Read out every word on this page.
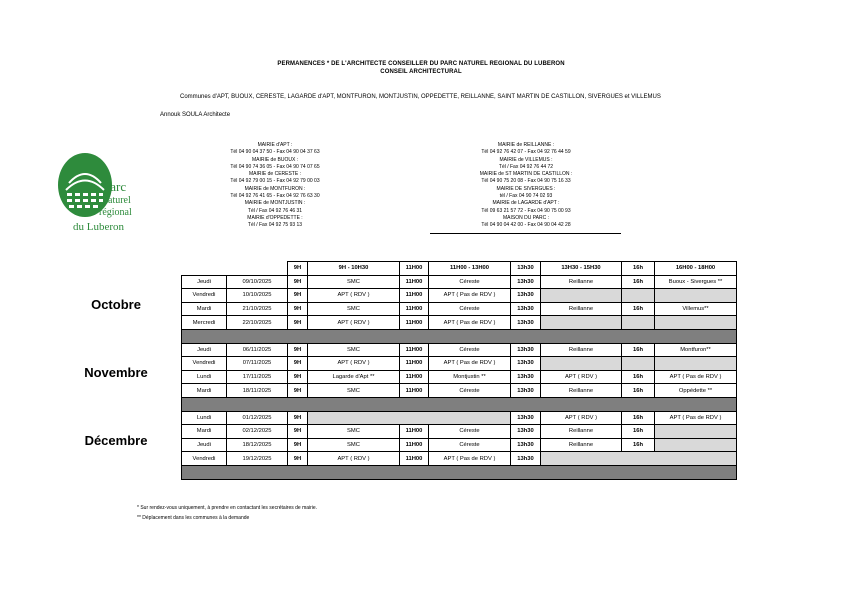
PERMANENCES * DE L'ARCHITECTE CONSEILLER DU PARC NATUREL REGIONAL DU LUBERON
CONSEIL ARCHITECTURAL
Communes d'APT, BUOUX, CERESTE, LAGARDE d'APT, MONTFURON, MONTJUSTIN, OPPEDETTE, REILLANNE, SAINT MARTIN DE CASTILLON, SIVERGUES et VILLEMUS
Annouk SOULA Architecte
Parc
naturel
régional
du Luberon
MAIRIE d'APT :
Tél 04 90 04 37 50 - Fax 04 90 04 37 63
MAIRIE de BUOUX :
Tél 04 90 74 36 05 - Fax 04 90 74 07 65
MAIRIE de CERESTE :
Tél 04 92 79 00 15 - Fax 04 92 79 00 03
MAIRIE de MONTFURON :
Tél 04 92 76 41 65 - Fax 04 92 76 63 30
MAIRIE de MONTJUSTIN :
Tél / Fax 04 92 76 46 31
MAIRIE d'OPPEDETTE :
Tél / Fax 04 92 75 93 13
MAIRIE de REILLANNE :
Tél 04 92 76 42 07 - Fax 04 92 76 44 59
MAIRIE de VILLEMUS :
Tél / Fax 04 92 76 44 72
MAIRIE de ST MARTIN DE CASTILLON :
Tél 04 90 75 20 08 - Fax 04 90 75 16 33
MAIRIE DE SIVERGUES :
tél / Fax 04 90 74 02 93
MAIRIE de LAGARDE d'APT :
Tél 09 63 21 57 72 - Fax 04 90 75 00 93
MAISON DU PARC :
Tél 04 90 04 42 00 - Fax 04 90 04 42 28
Octobre
Novembre
Décembre
		9H	9H - 10H30	11H00	11H00 - 13H00	13h30	13H30 - 15H30	16h	16H00 - 18H00
Jeudi	09/10/2025	9H	SMC	11H00	Céreste	13h30	Reillanne	16h	Buoux - Sivergues **
Vendredi	10/10/2025	9H	APT ( RDV )	11H00	APT ( Pas de RDV )	13h30			
Mardi	21/10/2025	9H	SMC	11H00	Céreste	13h30	Reillanne	16h	Villemus**
Mercredi	22/10/2025	9H	APT ( RDV )	11H00	APT ( Pas de RDV )	13h30			

Jeudi	06/11/2025	9H	SMC	11H00	Céreste	13h30	Reillanne	16h	Montfuron**
Vendredi	07/11/2025	9H	APT ( RDV )	11H00	APT ( Pas de RDV )	13h30			
Lundi	17/11/2025	9H	Lagarde d'Apt **	11H00	Montjustin **	13h30	APT ( RDV )	16h	APT ( Pas de RDV )
Mardi	18/11/2025	9H	SMC	11H00	Céreste	13h30	Reillanne	16h	Oppédette **

Lundi	01/12/2025	9H				13h30	APT ( RDV )	16h	APT ( Pas de RDV )
Mardi	02/12/2025	9H	SMC	11H00	Céreste	13h30	Reillanne	16h	
Jeudi	18/12/2025	9H	SMC	11H00	Céreste	13h30	Reillanne	16h	
Vendredi	19/12/2025	9H	APT ( RDV )	11H00	APT ( Pas de RDV )	13h30			

* Sur rendez-vous uniquement, à prendre en contactant les secrétaires de mairie.
** Déplacement dans les communes à la demande
